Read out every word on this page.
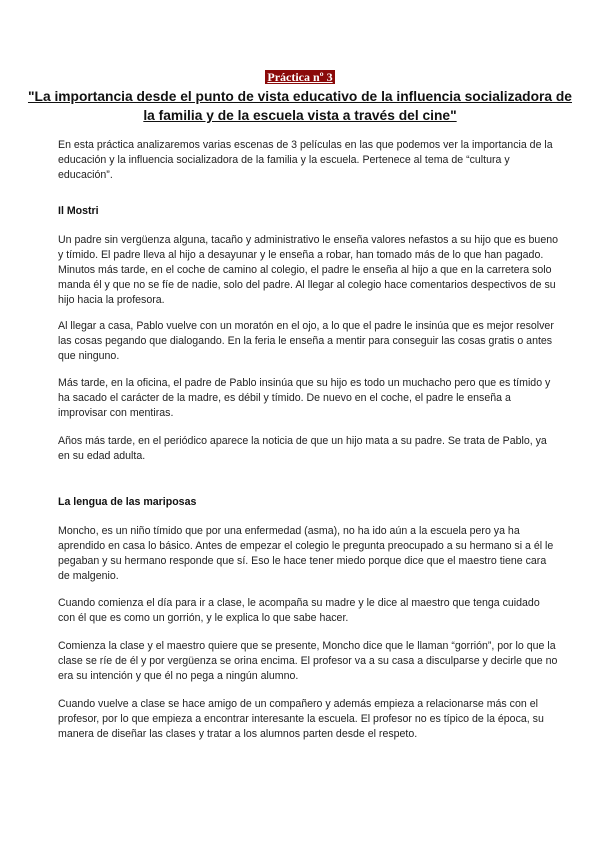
Práctica nº 3
"La importancia desde el punto de vista educativo de la influencia socializadora de la familia y de la escuela vista a través del cine"
En esta práctica analizaremos varias escenas de 3 películas en las que podemos ver la importancia de la educación y la influencia socializadora de la familia y la escuela. Pertenece al tema de “cultura y educación”.
Il Mostri
Un padre sin vergüenza alguna, tacaño y administrativo le enseña valores nefastos a su hijo que es bueno y tímido. El padre lleva al hijo a desayunar y le enseña a robar, han tomado más de lo que han pagado. Minutos más tarde, en el coche de camino al colegio, el padre le enseña al hijo a que en la carretera solo manda él y que no se fíe de nadie, solo del padre. Al llegar al colegio hace comentarios despectivos de su hijo hacia la profesora.
Al llegar a casa, Pablo vuelve con un moratón en el ojo, a lo que el padre le insinúa que es mejor resolver las cosas pegando que dialogando. En la feria le enseña a mentir para conseguir las cosas gratis o antes que ninguno.
Más tarde, en la oficina, el padre de Pablo insinúa que su hijo es todo un muchacho pero que es tímido y ha sacado el carácter de la madre, es débil y tímido. De nuevo en el coche, el padre le enseña a improvisar con mentiras.
Años más tarde, en el periódico aparece la noticia de que un hijo mata a su padre. Se trata de Pablo, ya en su edad adulta.
La lengua de las mariposas
Moncho, es un niño tímido que por una enfermedad (asma), no ha ido aún a la escuela pero ya ha aprendido en casa lo básico. Antes de empezar el colegio le pregunta preocupado a su hermano si a él le pegaban y su hermano responde que sí. Eso le hace tener miedo porque dice que el maestro tiene cara de malgenio.
Cuando comienza el día para ir a clase, le acompaña su madre y le dice al maestro que tenga cuidado con él que es como un gorrión, y le explica lo que sabe hacer.
Comienza la clase y el maestro quiere que se presente, Moncho dice que le llaman “gorrión”, por lo que la clase se ríe de él y por vergüenza se orina encima. El profesor va a su casa a disculparse y decirle que no era su intención y que él no pega a ningún alumno.
Cuando vuelve a clase se hace amigo de un compañero y además empieza a relacionarse más con el profesor, por lo que empieza a encontrar interesante la escuela. El profesor no es típico de la época, su manera de diseñar las clases y tratar a los alumnos parten desde el respeto.
